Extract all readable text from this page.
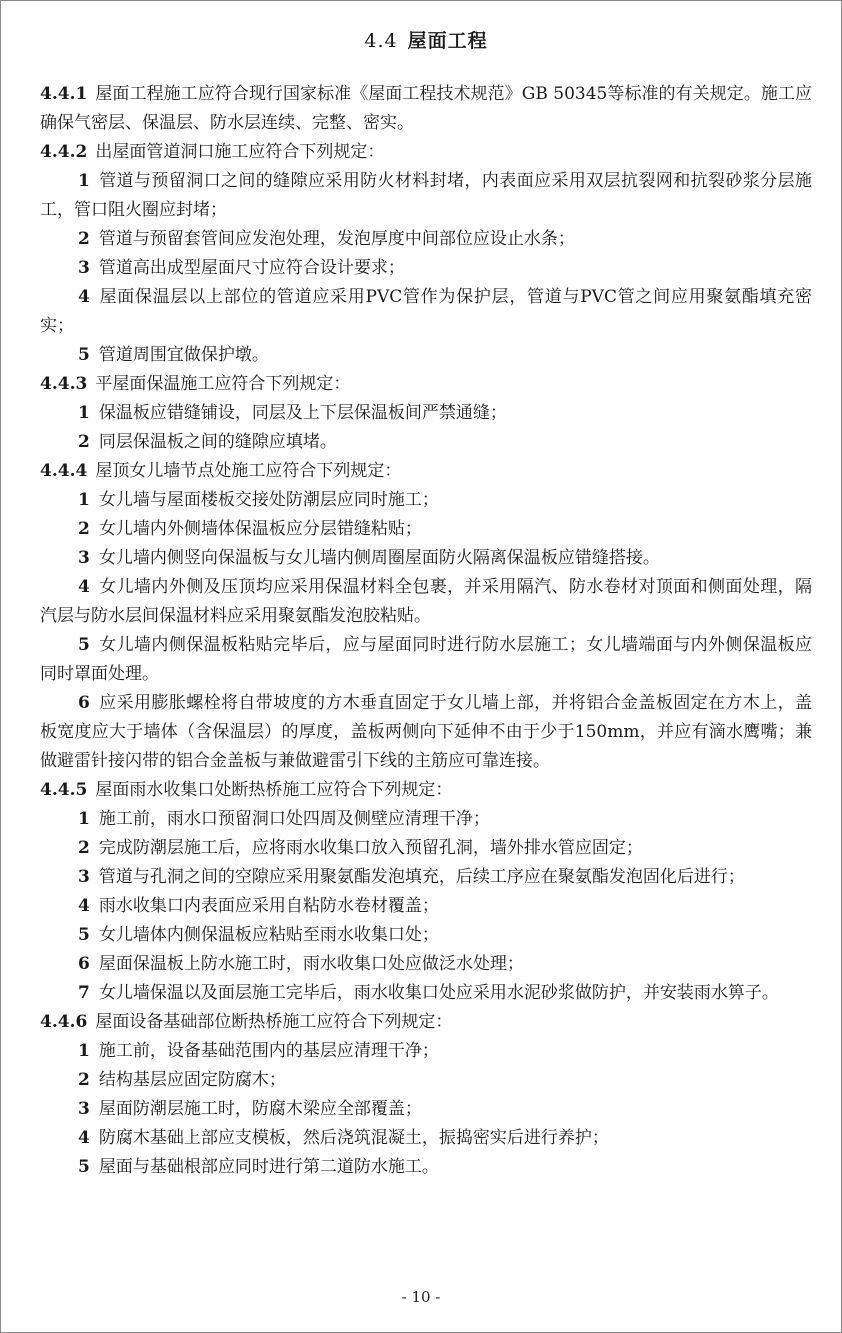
4.4 屋面工程

4.4.1 屋面工程施工应符合现行国家标准《屋面工程技术规范》GB 50345等标准的有关规定。施工应确保气密层、保温层、防水层连续、完整、密实。

4.4.2 出屋面管道洞口施工应符合下列规定：

1 管道与预留洞口之间的缝隙应采用防火材料封堵，内表面应采用双层抗裂网和抗裂砂浆分层施工，管口阻火圈应封堵；

2 管道与预留套管间应发泡处理，发泡厚度中间部位应设止水条；

3 管道高出成型屋面尺寸应符合设计要求；

4 屋面保温层以上部位的管道应采用PVC管作为保护层，管道与PVC管之间应用聚氨酯填充密实；

5 管道周围宜做保护墩。

4.4.3 平屋面保温施工应符合下列规定：

1 保温板应错缝铺设，同层及上下层保温板间严禁通缝；

2 同层保温板之间的缝隙应填堵。

4.4.4 屋顶女儿墙节点处施工应符合下列规定：

1 女儿墙与屋面楼板交接处防潮层应同时施工；

2 女儿墙内外侧墙体保温板应分层错缝粘贴；

3 女儿墙内侧竖向保温板与女儿墙内侧周圈屋面防火隔离保温板应错缝搭接。

4 女儿墙内外侧及压顶均应采用保温材料全包裹，并采用隔汽、防水卷材对顶面和侧面处理，隔汽层与防水层间保温材料应采用聚氨酯发泡胶粘贴。

5 女儿墙内侧保温板粘贴完毕后，应与屋面同时进行防水层施工；女儿墙端面与内外侧保温板应同时罩面处理。

6 应采用膨胀螺栓将自带坡度的方木垂直固定于女儿墙上部，并将铝合金盖板固定在方木上，盖板宽度应大于墙体（含保温层）的厚度，盖板两侧向下延伸不由于少于150mm，并应有滴水鹰嘴；兼做避雷针接闪带的铝合金盖板与兼做避雷引下线的主筋应可靠连接。

4.4.5 屋面雨水收集口处断热桥施工应符合下列规定：

1 施工前，雨水口预留洞口处四周及侧壁应清理干净；

2 完成防潮层施工后，应将雨水收集口放入预留孔洞，墙外排水管应固定；

3 管道与孔洞之间的空隙应采用聚氨酯发泡填充，后续工序应在聚氨酯发泡固化后进行；

4 雨水收集口内表面应采用自粘防水卷材覆盖；

5 女儿墙体内侧保温板应粘贴至雨水收集口处；

6 屋面保温板上防水施工时，雨水收集口处应做泛水处理；

7 女儿墙保温以及面层施工完毕后，雨水收集口处应采用水泥砂浆做防护，并安装雨水箅子。

4.4.6 屋面设备基础部位断热桥施工应符合下列规定：

1 施工前，设备基础范围内的基层应清理干净；

2 结构基层应固定防腐木；

3 屋面防潮层施工时，防腐木梁应全部覆盖；

4 防腐木基础上部应支模板，然后浇筑混凝土，振捣密实后进行养护；

5 屋面与基础根部应同时进行第二道防水施工。

- 10 -
